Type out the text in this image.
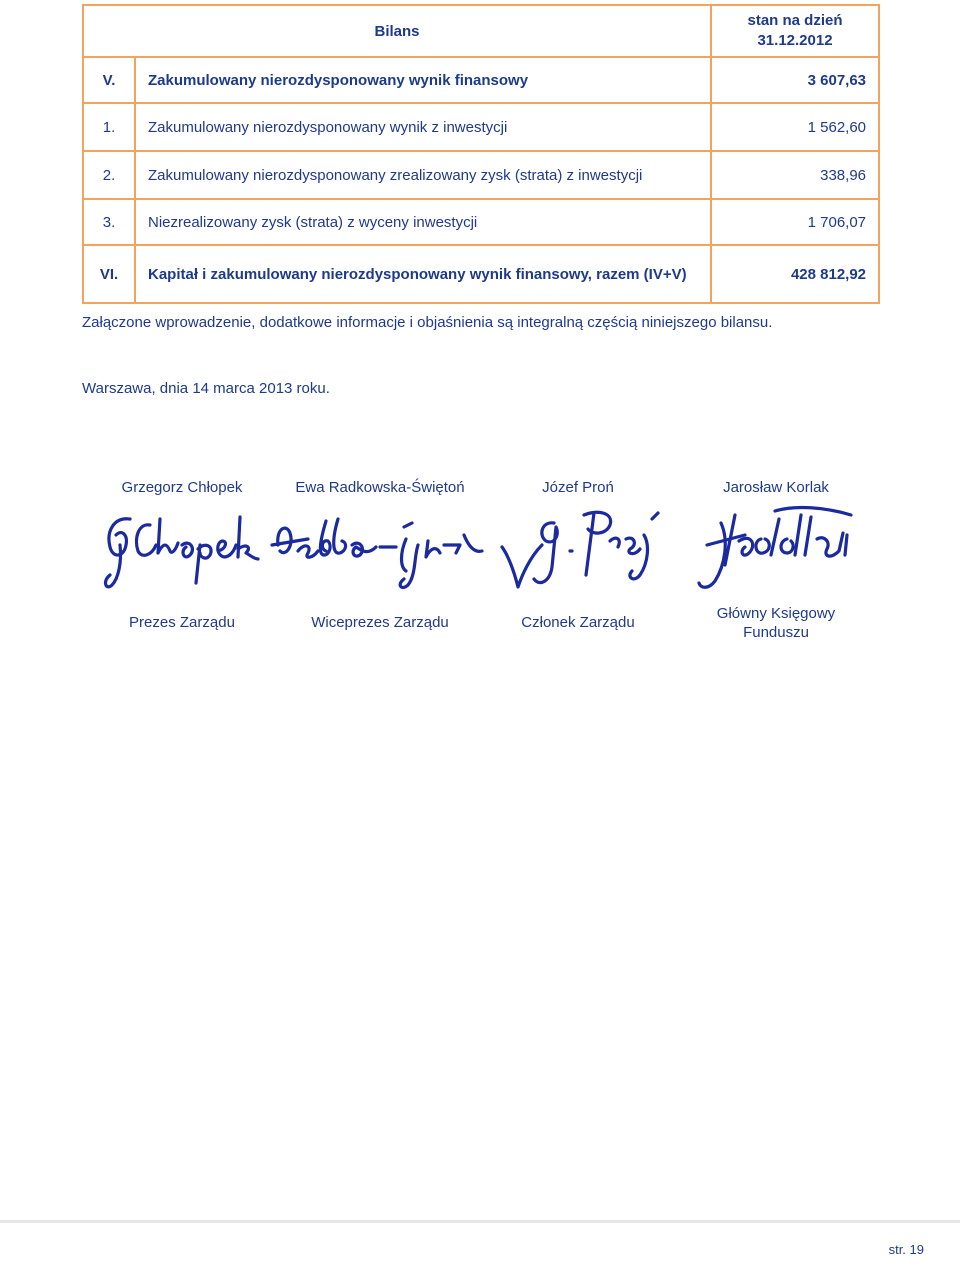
Bilans		stan na dzień
31.12.2012
V.	Zakumulowany nierozdysponowany wynik finansowy	3 607,63
1.	Zakumulowany nierozdysponowany wynik z inwestycji	1 562,60
2.	Zakumulowany nierozdysponowany zrealizowany zysk (strata) z inwestycji	338,96
3.	Niezrealizowany zysk (strata) z wyceny inwestycji	1 706,07
VI.	Kapitał i zakumulowany nierozdysponowany wynik finansowy, razem (IV+V)	428 812,92
Załączone wprowadzenie, dodatkowe informacje i objaśnienia są integralną częścią niniejszego bilansu.
Warszawa, dnia 14 marca 2013 roku.
Grzegorz Chłopek	Ewa Radkowska-Świętoń	Józef Proń	Jarosław Korlak
Prezes Zarządu	Wiceprezes Zarządu	Członek Zarządu
Główny Księgowy
Funduszu
str. 19
